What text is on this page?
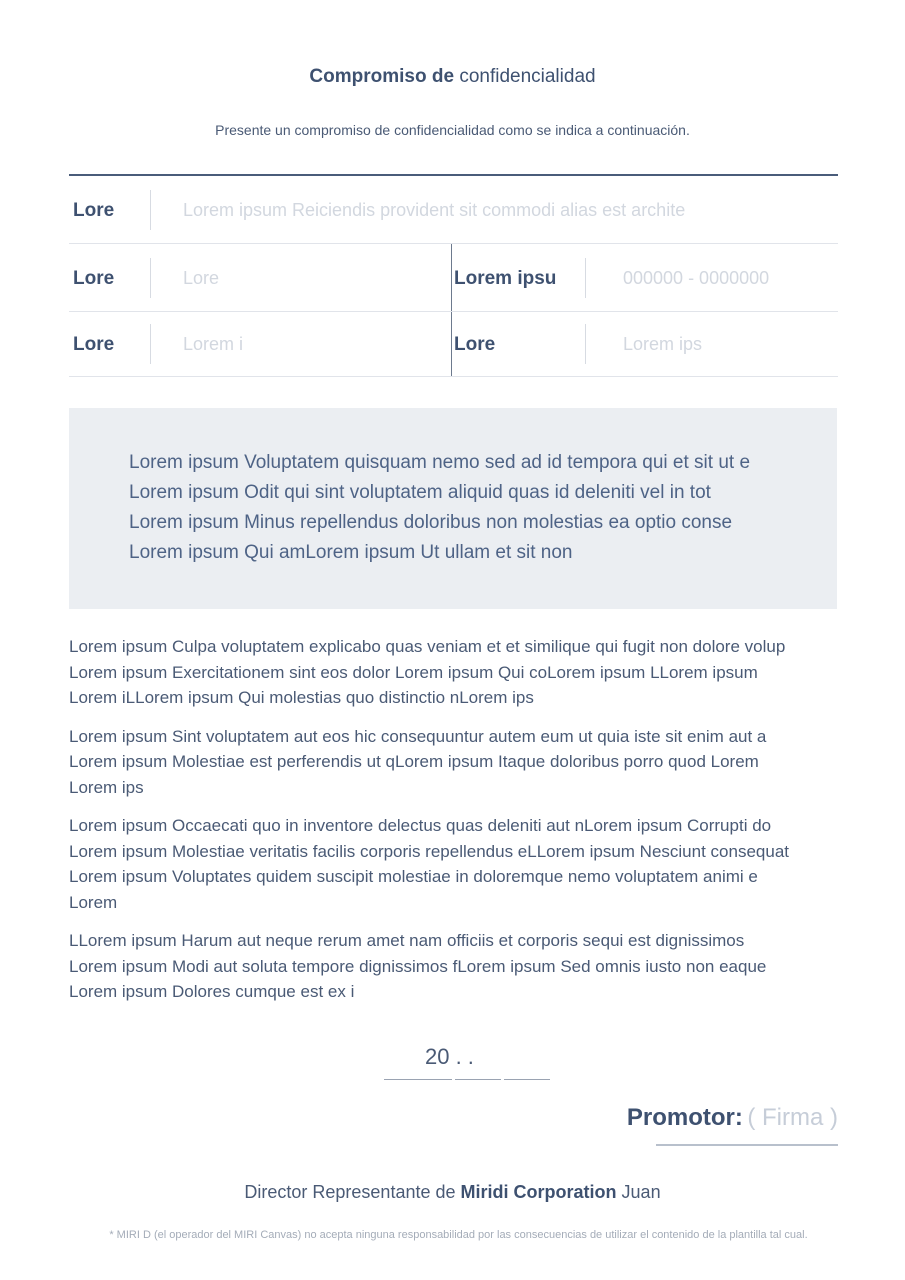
Compromiso de confidencialidad
Presente un compromiso de confidencialidad como se indica a continuación.
Lore	Lorem ipsum Reiciendis provident sit commodi alias est archite
Lore	Lore	Lorem ipsu	000000 - 0000000
Lore	Lorem i	Lore	Lorem ips

Lorem ipsum Voluptatem quisquam nemo sed ad id tempora qui et sit ut e

Lorem ipsum Odit qui sint voluptatem aliquid quas id deleniti vel in tot

Lorem ipsum Minus repellendus doloribus non molestias ea optio conse

Lorem ipsum Qui amLorem ipsum Ut ullam et sit non

Lorem ipsum Culpa voluptatem explicabo quas veniam et et similique qui fugit non dolore volup
Lorem ipsum Exercitationem sint eos dolor Lorem ipsum Qui coLorem ipsum LLorem ipsum
Lorem iLLorem ipsum Qui molestias quo distinctio nLorem ips
Lorem ipsum Sint voluptatem aut eos hic consequuntur autem eum ut quia iste sit enim aut a
Lorem ipsum Molestiae est perferendis ut qLorem ipsum Itaque doloribus porro quod Lorem
Lorem ips
Lorem ipsum Occaecati quo in inventore delectus quas deleniti aut nLorem ipsum Corrupti do
Lorem ipsum Molestiae veritatis facilis corporis repellendus eLLorem ipsum Nesciunt consequat
Lorem ipsum Voluptates quidem suscipit molestiae in doloremque nemo voluptatem animi e
Lorem
LLorem ipsum Harum aut neque rerum amet nam officiis et corporis sequi est dignissimos
Lorem ipsum Modi aut soluta tempore dignissimos fLorem ipsum Sed omnis iusto non eaque
Lorem ipsum Dolores cumque est ex i
20 . .
Promotor: ( Firma )
Director Representante de Miridi Corporation Juan
* MIRI D (el operador del MIRI Canvas) no acepta ninguna responsabilidad por las consecuencias de utilizar el contenido de la plantilla tal cual.
